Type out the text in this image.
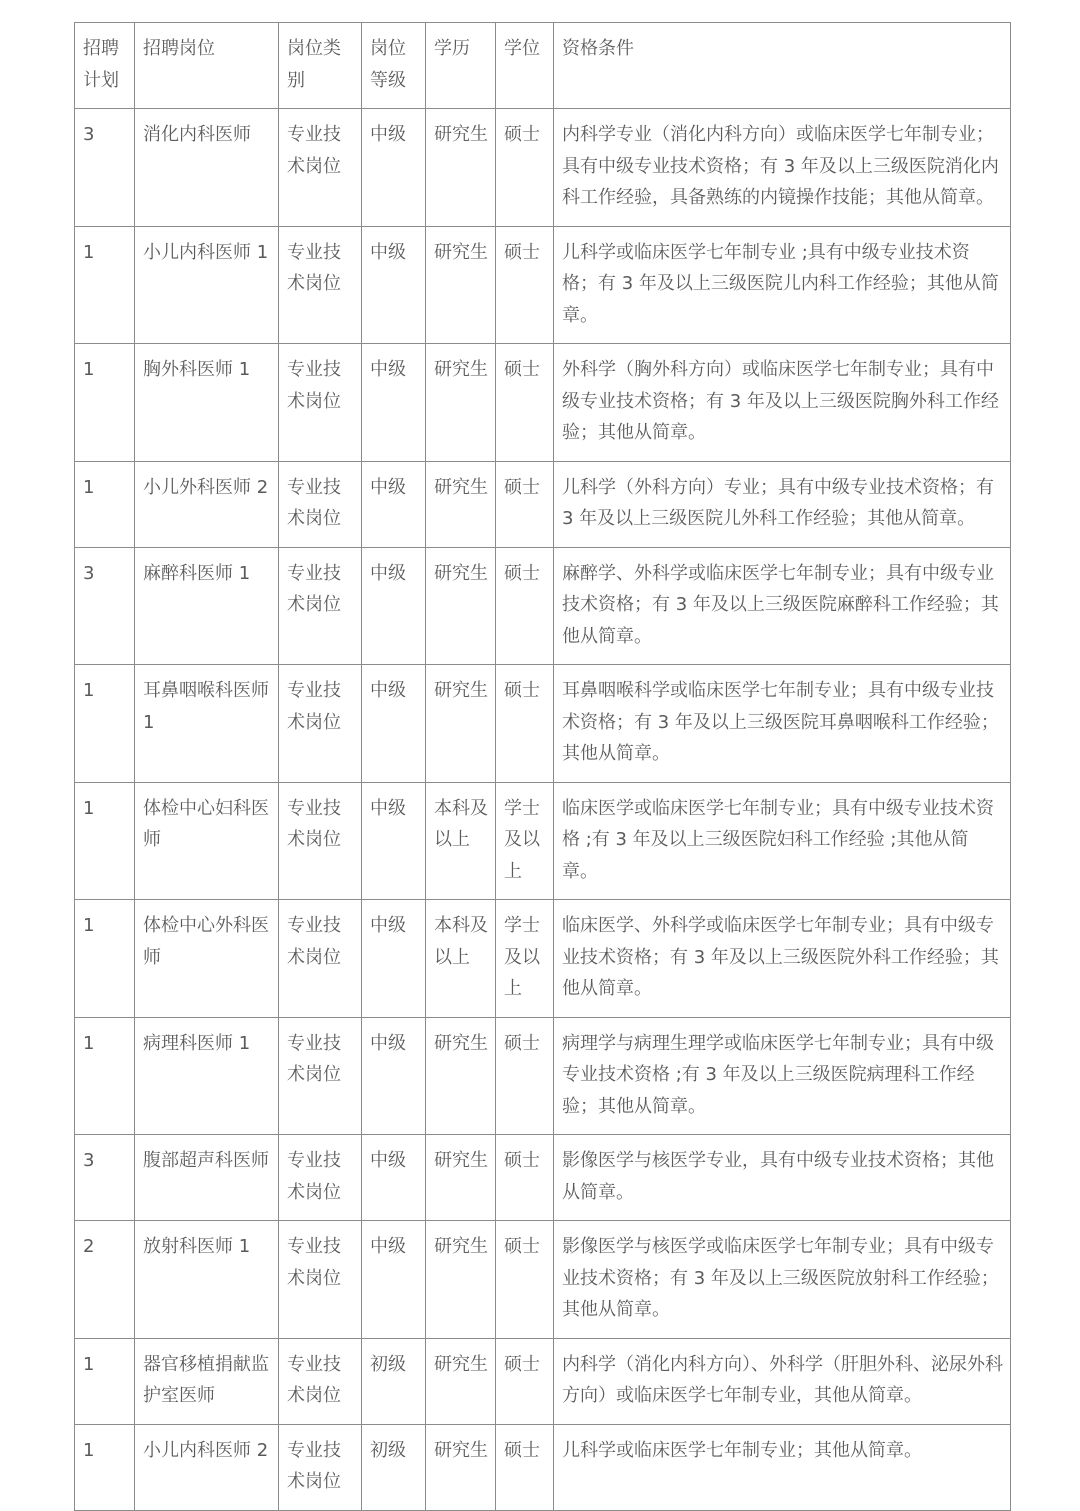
招聘计划	招聘岗位	岗位类别	岗位等级	学历	学位	资格条件
3	消化内科医师	专业技术岗位	中级	研究生	硕士	内科学专业（消化内科方向）或临床医学七年制专业；具有中级专业技术资格；有 3 年及以上三级医院消化内科工作经验，具备熟练的内镜操作技能；其他从简章。
1	小儿内科医师 1	专业技术岗位	中级	研究生	硕士	儿科学或临床医学七年制专业 ;具有中级专业技术资格；有 3 年及以上三级医院儿内科工作经验；其他从简章。
1	胸外科医师 1	专业技术岗位	中级	研究生	硕士	外科学（胸外科方向）或临床医学七年制专业；具有中级专业技术资格；有 3 年及以上三级医院胸外科工作经验；其他从简章。
1	小儿外科医师 2	专业技术岗位	中级	研究生	硕士	儿科学（外科方向）专业；具有中级专业技术资格；有 3 年及以上三级医院儿外科工作经验；其他从简章。
3	麻醉科医师 1	专业技术岗位	中级	研究生	硕士	麻醉学、外科学或临床医学七年制专业；具有中级专业技术资格；有 3 年及以上三级医院麻醉科工作经验；其他从简章。
1	耳鼻咽喉科医师 1	专业技术岗位	中级	研究生	硕士	耳鼻咽喉科学或临床医学七年制专业；具有中级专业技术资格；有 3 年及以上三级医院耳鼻咽喉科工作经验；其他从简章。
1	体检中心妇科医师	专业技术岗位	中级	本科及以上	学士及以上	临床医学或临床医学七年制专业；具有中级专业技术资格 ;有 3 年及以上三级医院妇科工作经验 ;其他从简章。
1	体检中心外科医师	专业技术岗位	中级	本科及以上	学士及以上	临床医学、外科学或临床医学七年制专业；具有中级专业技术资格；有 3 年及以上三级医院外科工作经验；其他从简章。
1	病理科医师 1	专业技术岗位	中级	研究生	硕士	病理学与病理生理学或临床医学七年制专业；具有中级专业技术资格 ;有 3 年及以上三级医院病理科工作经验；其他从简章。
3	腹部超声科医师	专业技术岗位	中级	研究生	硕士	影像医学与核医学专业，具有中级专业技术资格；其他从简章。
2	放射科医师 1	专业技术岗位	中级	研究生	硕士	影像医学与核医学或临床医学七年制专业；具有中级专业技术资格；有 3 年及以上三级医院放射科工作经验；其他从简章。
1	器官移植捐献监护室医师	专业技术岗位	初级	研究生	硕士	内科学（消化内科方向）、外科学（肝胆外科、泌尿外科方向）或临床医学七年制专业，其他从简章。
1	小儿内科医师 2	专业技术岗位	初级	研究生	硕士	儿科学或临床医学七年制专业；其他从简章。
